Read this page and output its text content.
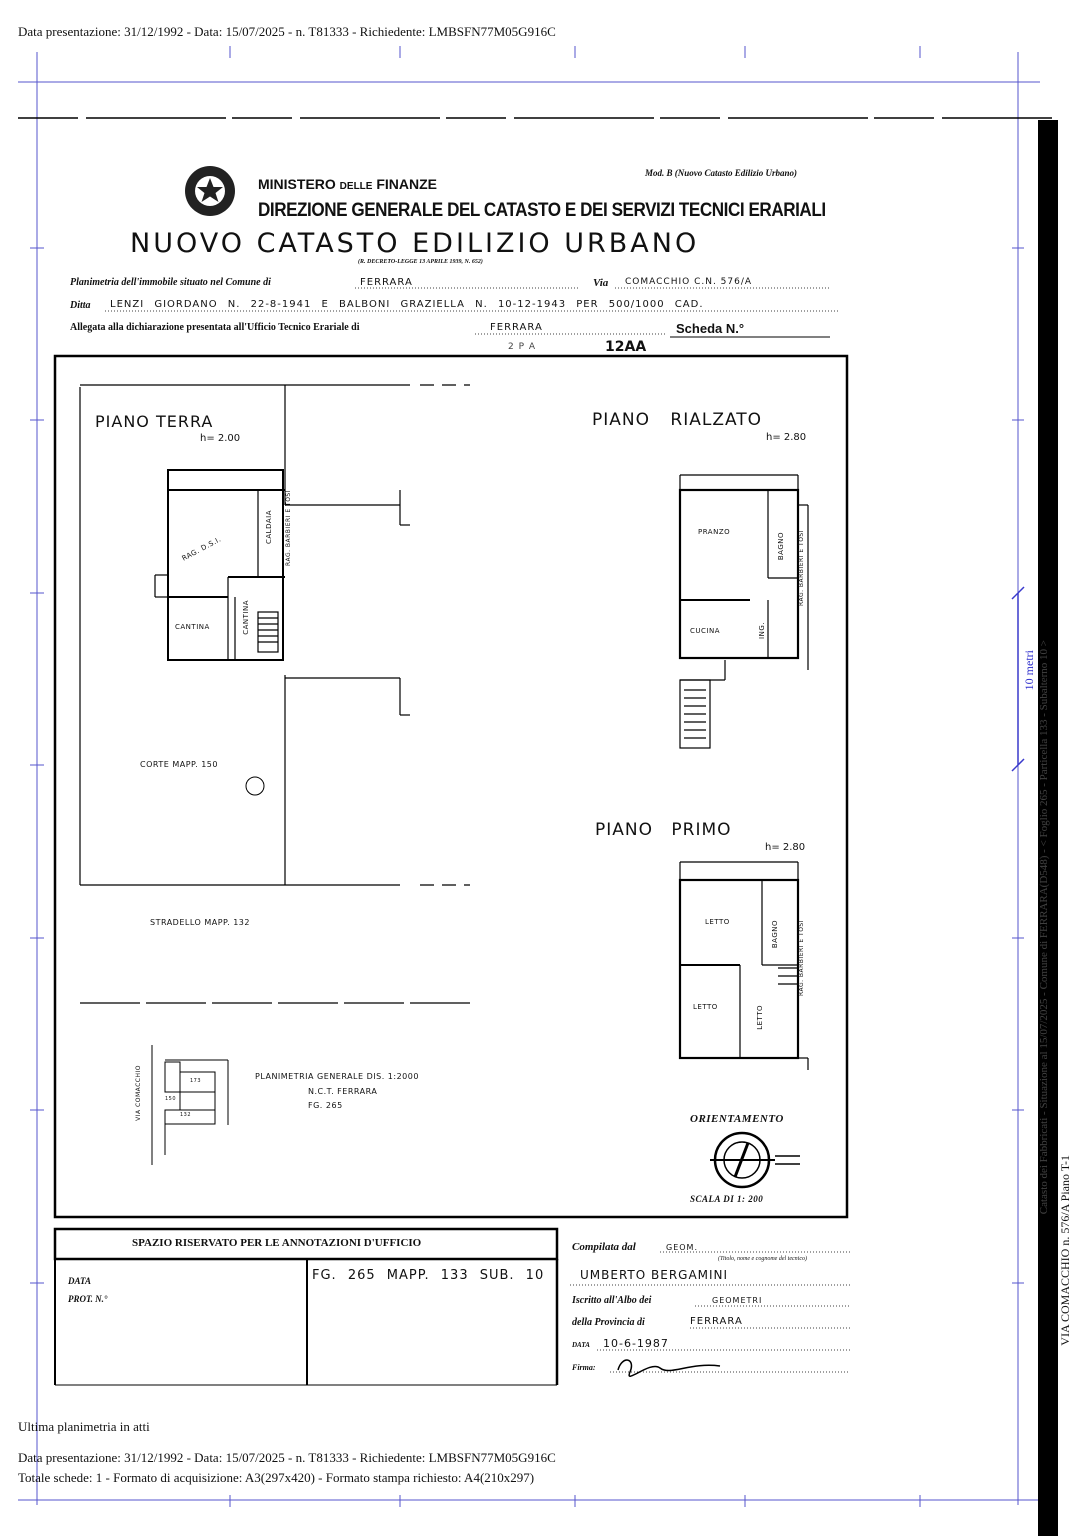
Data presentazione: 31/12/1992 - Data: 15/07/2025 - n. T81333 - Richiedente: LMBSFN77M05G916C
MINISTERO DELLE FINANZE
Mod. B (Nuovo Catasto Edilizio Urbano)
DIREZIONE GENERALE DEL CATASTO E DEI SERVIZI TECNICI ERARIALI
NUOVO CATASTO EDILIZIO URBANO
(R. DECRETO-LEGGE 13 APRILE 1939, N. 652)
Planimetria dell'immobile situato nel Comune di	FERRARA	Via COMACCHIO C.N. 576/A
Ditta LENZI GIORDANO N. 22-8-1941 E BALBONI GRAZIELLA N. 10-12-1943 PER 500/1000 CAD.
Allegata alla dichiarazione presentata all'Ufficio Tecnico Erariale di	FERRARA	Scheda N.°
2 P A	12AA
PIANO TERRA
h= 2.00
PIANO RIALZATO
h= 2.80
PIANO PRIMO
h= 2.80
CALDAIA
RAG. D.S.I.	RAG. BARBIERI E TOSI
CANTINA	CANTINA
CORTE MAPP. 150
STRADELLO MAPP. 132
PRANZO	BAGNO RAG. BARBIERI E TOSI
CUCINA	ING.
LETTO	BAGNO	RAG. BARBIERI E TOSI
LETTO	LETTO
PLANIMETRIA GENERALE DIS. 1:2000
N.C.T. FERRARA
FG. 265
VIA COMACCHIO	173
150
132	ORIENTAMENTO
SCALA DI 1: 200
SPAZIO RISERVATO PER LE ANNOTAZIONI D'UFFICIO
DATA
PROT. N.°
FG. 265 MAPP. 133 SUB. 10
Compilata dal	GEOM.
(Titolo, nome e cognome del tecnico)
UMBERTO BERGAMINI
Iscritto all'Albo dei	GEOMETRI
della Provincia di	FERRARA
DATA 10-6-1987
Firma:
10 metri Catasto dei Fabbricati - Situazione al 15/07/2025 - Comune di FERRARA(D548) - < Foglio 265 - Particella 133 - Subalterno 10 >
VIA COMACCHIO n. 576/A Piano T-1
Ultima planimetria in atti
Data presentazione: 31/12/1992 - Data: 15/07/2025 - n. T81333 - Richiedente: LMBSFN77M05G916C
Totale schede: 1 - Formato di acquisizione: A3(297x420) - Formato stampa richiesto: A4(210x297)
